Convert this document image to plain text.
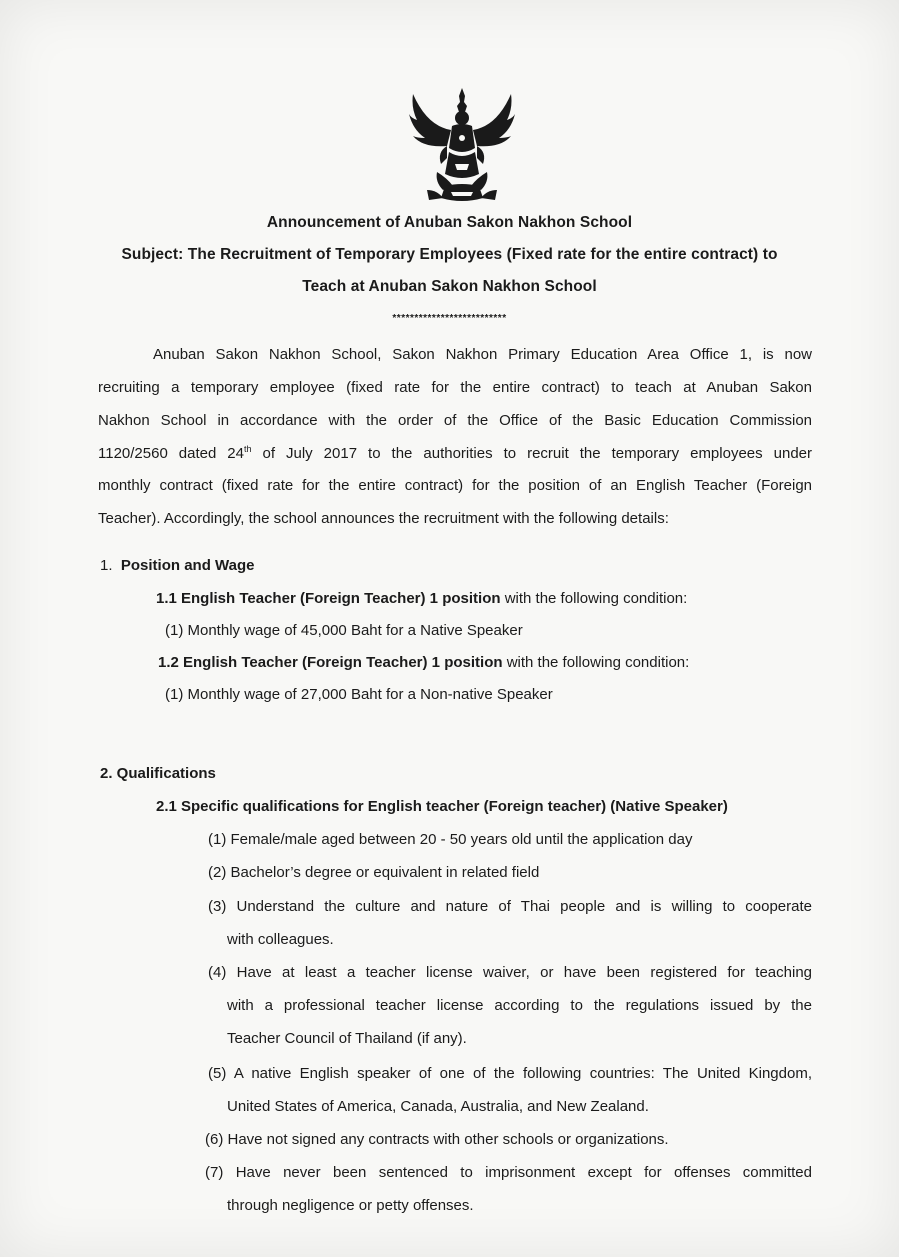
Announcement of Anuban Sakon Nakhon School
Subject: The Recruitment of Temporary Employees (Fixed rate for the entire contract) to
Teach at Anuban Sakon Nakhon School
**************************
Anuban Sakon Nakhon School, Sakon Nakhon Primary Education Area Office 1, is now
recruiting a temporary employee (fixed rate for the entire contract) to teach at Anuban Sakon
Nakhon School in accordance with the order of the Office of the Basic Education Commission
1120/2560 dated 24th of July 2017 to the authorities to recruit the temporary employees under
monthly contract (fixed rate for the entire contract) for the position of an English Teacher (Foreign
Teacher). Accordingly, the school announces the recruitment with the following details:
1. Position and Wage
1.1 English Teacher (Foreign Teacher) 1 position with the following condition:
(1) Monthly wage of 45,000 Baht for a Native Speaker
1.2 English Teacher (Foreign Teacher) 1 position with the following condition:
(1) Monthly wage of 27,000 Baht for a Non-native Speaker
2. Qualifications
2.1 Specific qualifications for English teacher (Foreign teacher) (Native Speaker)
(1) Female/male aged between 20 - 50 years old until the application day
(2) Bachelor’s degree or equivalent in related field
(3) Understand the culture and nature of Thai people and is willing to cooperate
with colleagues.
(4) Have at least a teacher license waiver, or have been registered for teaching
with a professional teacher license according to the regulations issued by the
Teacher Council of Thailand (if any).
(5) A native English speaker of one of the following countries: The United Kingdom,
United States of America, Canada, Australia, and New Zealand.
(6) Have not signed any contracts with other schools or organizations.
(7) Have never been sentenced to imprisonment except for offenses committed
through negligence or petty offenses.
